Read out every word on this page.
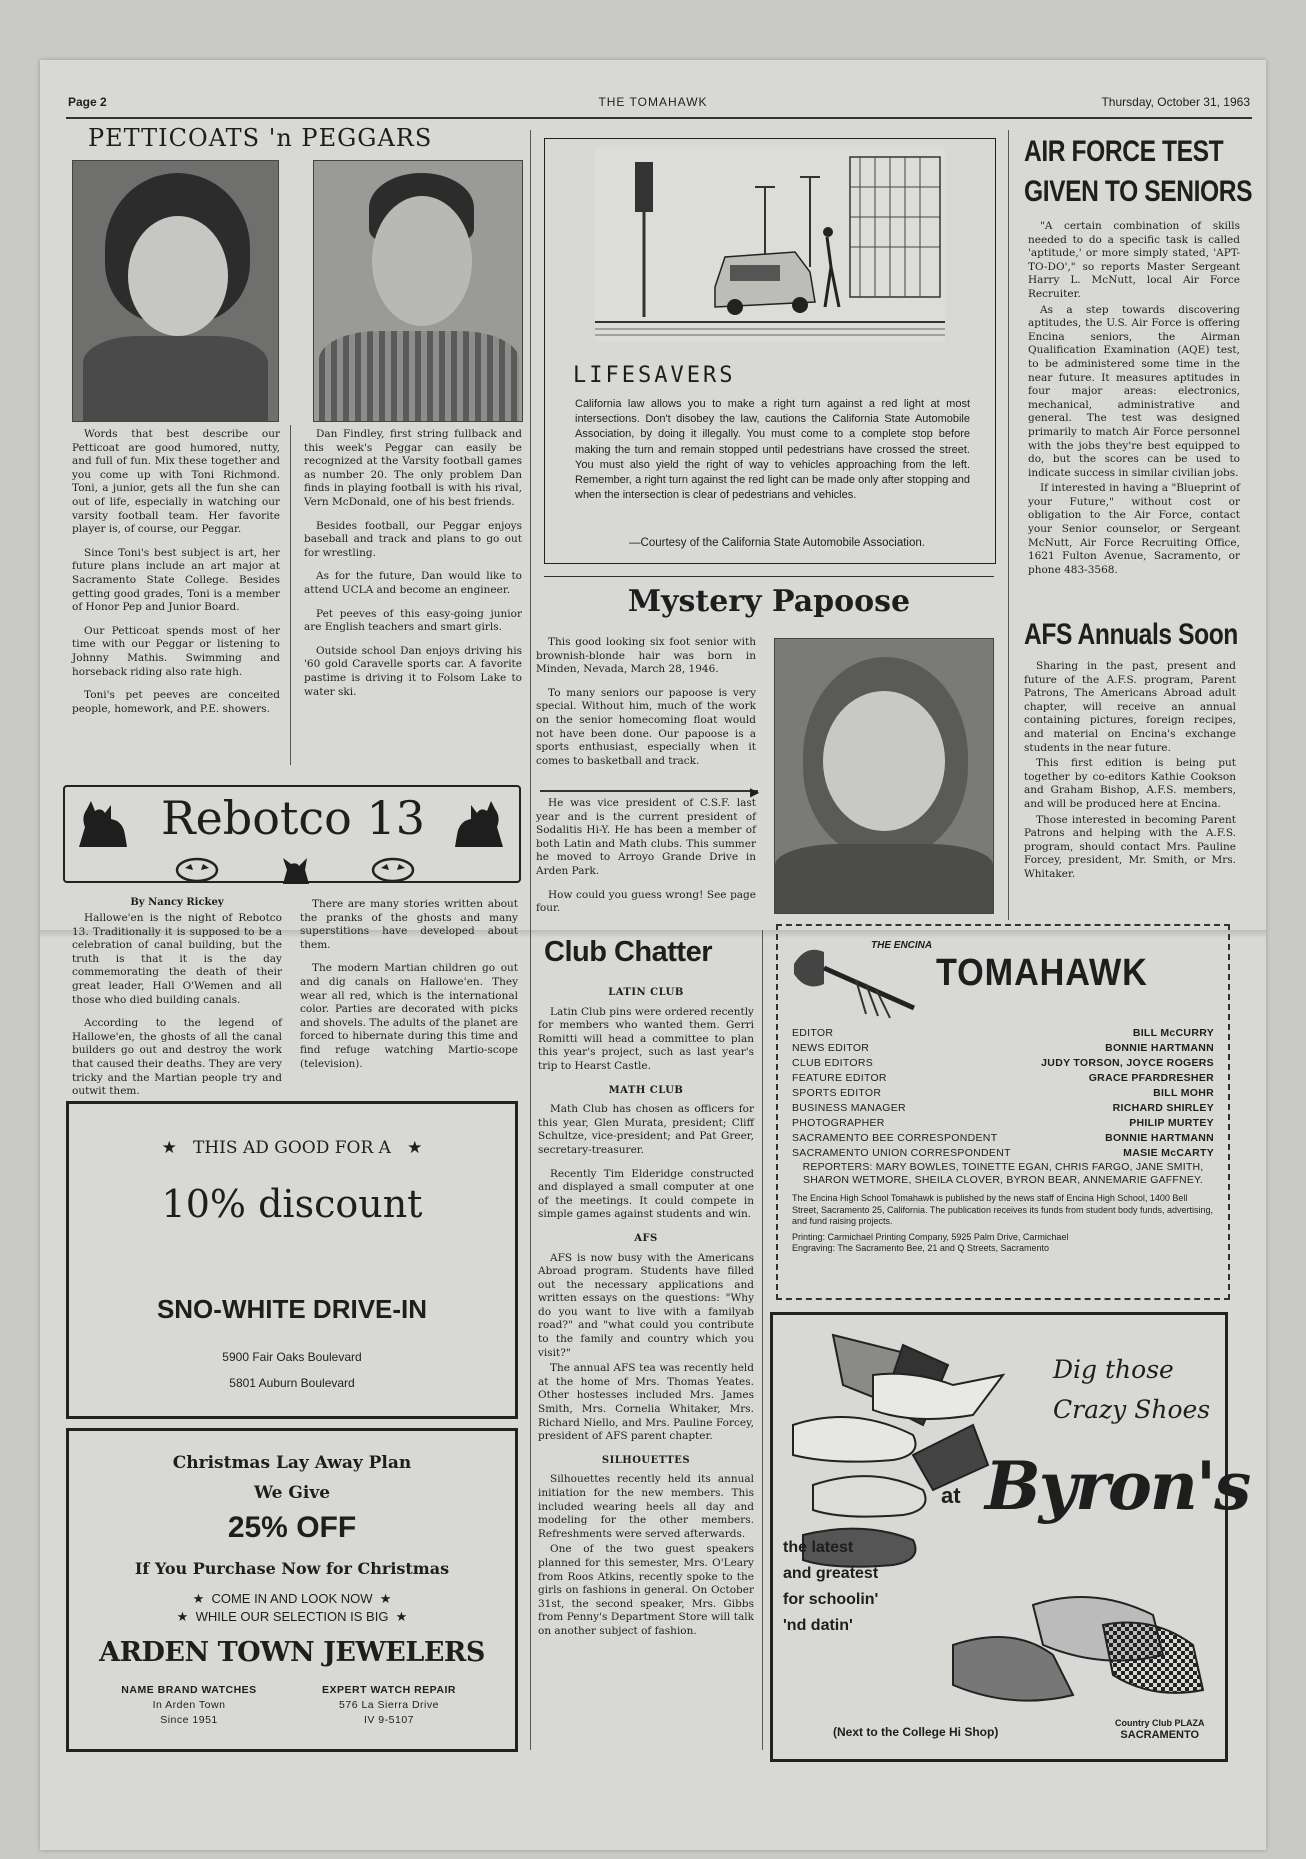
Page 2	THE TOMAHAWK	Thursday, October 31, 1963
PETTICOATS 'n PEGGARS

Words that best describe our Petticoat are good humored, nutty, and full of fun. Mix these together and you come up with Toni Richmond. Toni, a junior, gets all the fun she can out of life, especially in watching our varsity football team. Her favorite player is, of course, our Peggar.

Since Toni's best subject is art, her future plans include an art major at Sacramento State College. Besides getting good grades, Toni is a member of Honor Pep and Junior Board.

Our Petticoat spends most of her time with our Peggar or listening to Johnny Mathis. Swimming and horseback riding also rate high.

Toni's pet peeves are conceited people, homework, and P.E. showers.

Dan Findley, first string fullback and this week's Peggar can easily be recognized at the Varsity football games as number 20. The only problem Dan finds in playing football is with his rival, Vern McDonald, one of his best friends.

Besides football, our Peggar enjoys baseball and track and plans to go out for wrestling.

As for the future, Dan would like to attend UCLA and become an engineer.

Pet peeves of this easy-going junior are English teachers and smart girls.

Outside school Dan enjoys driving his '60 gold Caravelle sports car. A favorite pastime is driving it to Folsom Lake to water ski.

Rebotco 13
By Nancy Rickey

Hallowe'en is the night of Rebotco 13. Traditionally it is supposed to be a celebration of canal building, but the truth is that it is the day commemorating the death of their great leader, Hall O'Wemen and all those who died building canals.

According to the legend of Hallowe'en, the ghosts of all the canal builders go out and destroy the work that caused their deaths. They are very tricky and the Martian people try and outwit them.

There are many stories written about the pranks of the ghosts and many superstitions have developed about them.

The modern Martian children go out and dig canals on Hallowe'en. They wear all red, which is the international color. Parties are decorated with picks and shovels. The adults of the planet are forced to hibernate during this time and find refuge watching Martio-scope (television).

★   THIS AD GOOD FOR A   ★
10% discount
SNO-WHITE DRIVE-IN
5900 Fair Oaks Boulevard
5801 Auburn Boulevard
Christmas Lay Away Plan
We Give
25% OFF
If You Purchase Now for Christmas
★  COME IN AND LOOK NOW  ★
★  WHILE OUR SELECTION IS BIG  ★
ARDEN TOWN JEWELERS
NAME BRAND WATCHES
In Arden Town
Since 1951
EXPERT WATCH REPAIR
576 La Sierra Drive
IV 9-5107
LIFESAVERS
California law allows you to make a right turn against a red light at most intersections. Don't disobey the law, cautions the California State Automobile Association, by doing it illegally. You must come to a complete stop before making the turn and remain stopped until pedestrians have crossed the street. You must also yield the right of way to vehicles approaching from the left. Remember, a right turn against the red light can be made only after stopping and when the intersection is clear of pedestrians and vehicles.
—Courtesy of the California State Automobile Association.
AIR FORCE TEST
GIVEN TO SENIORS

"A certain combination of skills needed to do a specific task is called 'aptitude,' or more simply stated, 'APT-TO-DO'," so reports Master Sergeant Harry L. McNutt, local Air Force Recruiter.

As a step towards discovering aptitudes, the U.S. Air Force is offering Encina seniors, the Airman Qualification Examination (AQE) test, to be administered some time in the near future. It measures aptitudes in four major areas: electronics, mechanical, administrative and general. The test was designed primarily to match Air Force personnel with the jobs they're best equipped to do, but the scores can be used to indicate success in similar civilian jobs.

If interested in having a "Blueprint of your Future," without cost or obligation to the Air Force, contact your Senior counselor, or Sergeant McNutt, Air Force Recruiting Office, 1621 Fulton Avenue, Sacramento, or phone 483-3568.

AFS Annuals Soon

Sharing in the past, present and future of the A.F.S. program, Parent Patrons, The Americans Abroad adult chapter, will receive an annual containing pictures, foreign recipes, and material on Encina's exchange students in the near future.

This first edition is being put together by co-editors Kathie Cookson and Graham Bishop, A.F.S. members, and will be produced here at Encina.

Those interested in becoming Parent Patrons and helping with the A.F.S. program, should contact Mrs. Pauline Forcey, president, Mr. Smith, or Mrs. Whitaker.

Mystery Papoose

This good looking six foot senior with brownish-blonde hair was born in Minden, Nevada, March 28, 1946.

To many seniors our papoose is very special. Without him, much of the work on the senior homecoming float would not have been done. Our papoose is a sports enthusiast, especially when it comes to basketball and track.

▶

He was vice president of C.S.F. last year and is the current president of Sodalitis Hi-Y. He has been a member of both Latin and Math clubs. This summer he moved to Arroyo Grande Drive in Arden Park.

How could you guess wrong! See page four.

Club Chatter
LATIN CLUB

Latin Club pins were ordered recently for members who wanted them. Gerri Romitti will head a committee to plan this year's project, such as last year's trip to Hearst Castle.

MATH CLUB

Math Club has chosen as officers for this year, Glen Murata, president; Cliff Schultze, vice-president; and Pat Greer, secretary-treasurer.

Recently Tim Elderidge constructed and displayed a small computer at one of the meetings. It could compete in simple games against students and win.

AFS

AFS is now busy with the Americans Abroad program. Students have filled out the necessary applications and written essays on the questions: "Why do you want to live with a familyab road?" and "what could you contribute to the family and country which you visit?"

The annual AFS tea was recently held at the home of Mrs. Thomas Yeates. Other hostesses included Mrs. James Smith, Mrs. Cornelia Whitaker, Mrs. Richard Niello, and Mrs. Pauline Forcey, president of AFS parent chapter.

SILHOUETTES

Silhouettes recently held its annual initiation for the new members. This included wearing heels all day and modeling for the other members. Refreshments were served afterwards.

One of the two guest speakers planned for this semester, Mrs. O'Leary from Roos Atkins, recently spoke to the girls on fashions in general. On October 31st, the second speaker, Mrs. Gibbs from Penny's Department Store will talk on another subject of fashion.

THE ENCINA
TOMAHAWK
EDITOR	BILL McCURRY
NEWS EDITOR	BONNIE HARTMANN
CLUB EDITORS	JUDY TORSON, JOYCE ROGERS
FEATURE EDITOR	GRACE PFARDRESHER
SPORTS EDITOR	BILL MOHR
BUSINESS MANAGER	RICHARD SHIRLEY
PHOTOGRAPHER	PHILIP MURTEY
SACRAMENTO BEE CORRESPONDENT	BONNIE HARTMANN
SACRAMENTO UNION CORRESPONDENT	MASIE McCARTY
REPORTERS: MARY BOWLES, TOINETTE EGAN, CHRIS FARGO, JANE SMITH, SHARON WETMORE, SHEILA CLOVER, BYRON BEAR, ANNEMARIE GAFFNEY.
The Encina High School Tomahawk is published by the news staff of Encina High School, 1400 Bell Street, Sacramento 25, California. The publication receives its funds from student body funds, advertising, and fund raising projects.
Printing: Carmichael Printing Company, 5925 Palm Drive, Carmichael
Engraving: The Sacramento Bee, 21 and Q Streets, Sacramento
Dig those
Crazy Shoes
at Byron's
the latest
and greatest
for schoolin'
'nd datin'
(Next to the College Hi Shop)
Country Club PLAZA
SACRAMENTO
